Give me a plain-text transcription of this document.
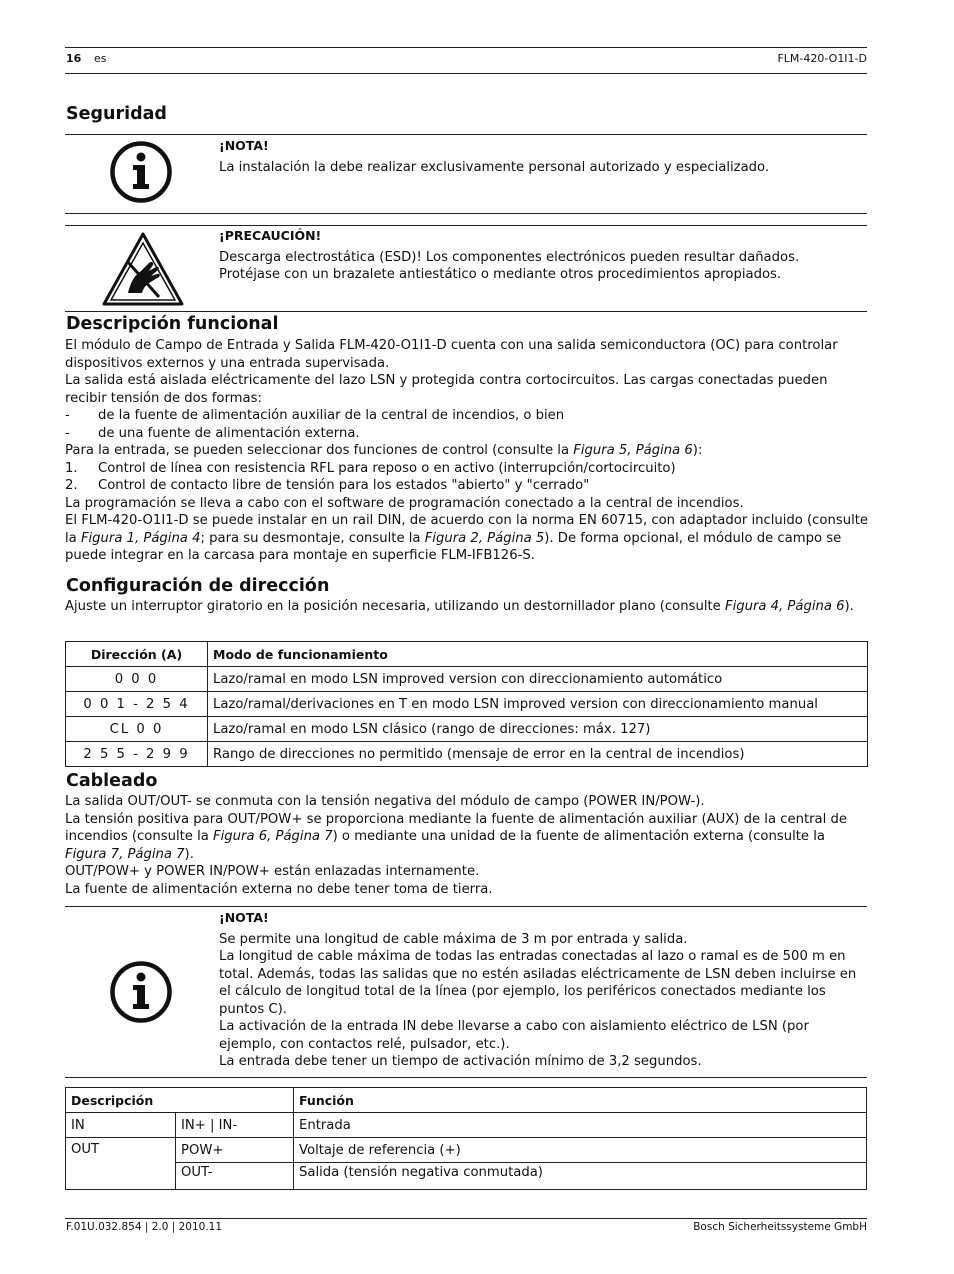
16 es	FLM-420-O1I1-D
Seguridad
¡NOTA!

La instalación la debe realizar exclusivamente personal autorizado y especializado.

¡PRECAUCIÓN!

Descarga electrostática (ESD)! Los componentes electrónicos pueden resultar dañados.

Protéjase con un brazalete antiestático o mediante otros procedimientos apropiados.

Descripción funcional

El módulo de Campo de Entrada y Salida FLM-420-O1I1-D cuenta con una salida semiconductora (OC) para controlar dispositivos externos y una entrada supervisada.

La salida está aislada eléctricamente del lazo LSN y protegida contra cortocircuitos. Las cargas conectadas pueden recibir tensión de dos formas:

-	de la fuente de alimentación auxiliar de la central de incendios, o bien
-	de una fuente de alimentación externa.

Para la entrada, se pueden seleccionar dos funciones de control (consulte la Figura 5, Página 6):

1.	Control de línea con resistencia RFL para reposo o en activo (interrupción/cortocircuito)
2.	Control de contacto libre de tensión para los estados "abierto" y "cerrado"

La programación se lleva a cabo con el software de programación conectado a la central de incendios.

El FLM-420-O1I1-D se puede instalar en un rail DIN, de acuerdo con la norma EN 60715, con adaptador incluido (consulte la Figura 1, Página 4; para su desmontaje, consulte la Figura 2, Página 5). De forma opcional, el módulo de campo se puede integrar en la carcasa para montaje en superficie FLM-IFB126-S.

Configuración de dirección

Ajuste un interruptor giratorio en la posición necesaria, utilizando un destornillador plano (consulte Figura 4, Página 6).

Dirección (A)	Modo de funcionamiento
0 0 0	Lazo/ramal en modo LSN improved version con direccionamiento automático
0 0 1 - 2 5 4	Lazo/ramal/derivaciones en T en modo LSN improved version con direccionamiento manual
CL 0 0	Lazo/ramal en modo LSN clásico (rango de direcciones: máx. 127)
2 5 5 - 2 9 9	Rango de direcciones no permitido (mensaje de error en la central de incendios)
Cableado

La salida OUT/OUT- se conmuta con la tensión negativa del módulo de campo (POWER IN/POW-).

La tensión positiva para OUT/POW+ se proporciona mediante la fuente de alimentación auxiliar (AUX) de la central de incendios (consulte la Figura 6, Página 7) o mediante una unidad de la fuente de alimentación externa (consulte la Figura 7, Página 7).

OUT/POW+ y POWER IN/POW+ están enlazadas internamente.

La fuente de alimentación externa no debe tener toma de tierra.

¡NOTA!

Se permite una longitud de cable máxima de 3 m por entrada y salida.

La longitud de cable máxima de todas las entradas conectadas al lazo o ramal es de 500 m en total. Además, todas las salidas que no estén asiladas eléctricamente de LSN deben incluirse en el cálculo de longitud total de la línea (por ejemplo, los periféricos conectados mediante los puntos C).

La activación de la entrada IN debe llevarse a cabo con aislamiento eléctrico de LSN (por ejemplo, con contactos relé, pulsador, etc.).

La entrada debe tener un tiempo de activación mínimo de 3,2 segundos.

Descripción		Función
IN	IN+ | IN-	Entrada
OUT	POW+	Voltaje de referencia (+)
	OUT-	Salida (tensión negativa conmutada)
F.01U.032.854 | 2.0 | 2010.11	Bosch Sicherheitssysteme GmbH
